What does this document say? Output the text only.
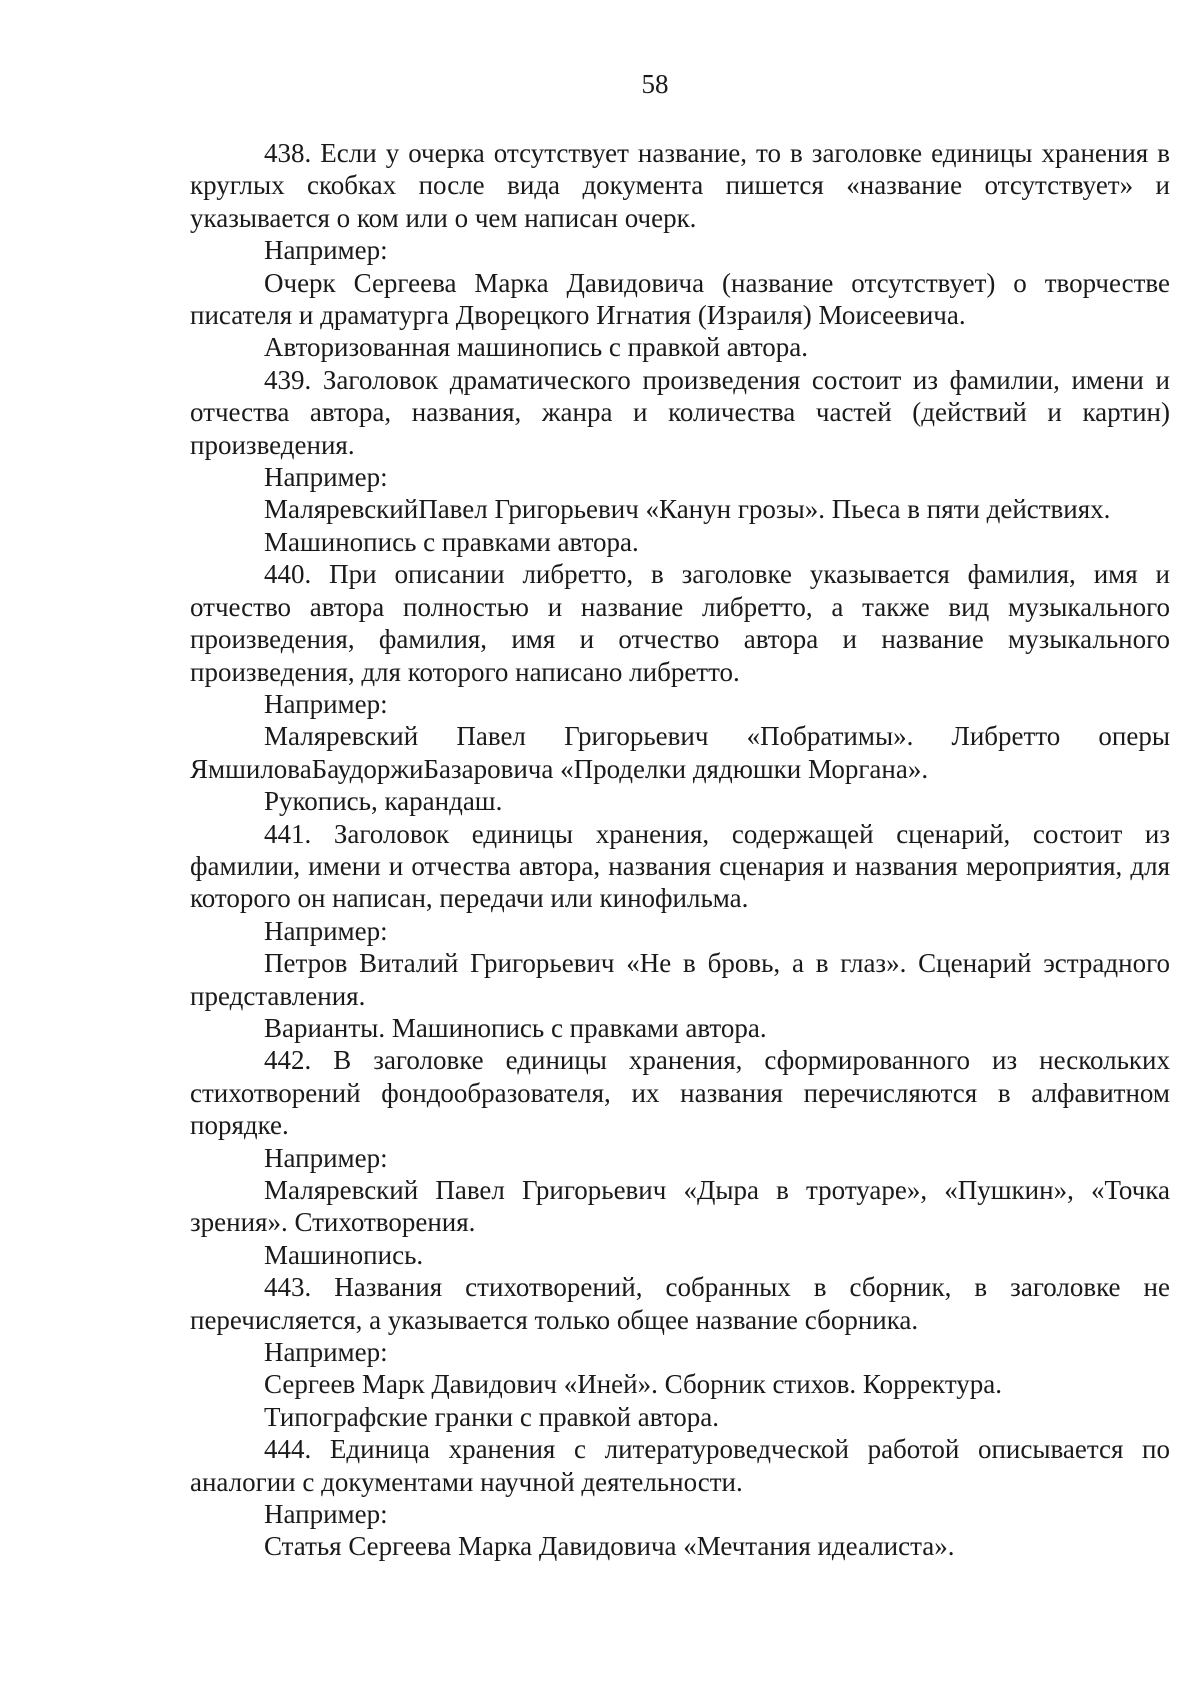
58

438. Если у очерка отсутствует название, то в заголовке единицы хранения в круглых скобках после вида документа пишется «название отсутствует» и указывается о ком или о чем написан очерк.

Например:

Очерк Сергеева Марка Давидовича (название отсутствует) о творчестве писателя и драматурга Дворецкого Игнатия (Израиля) Моисеевича.

Авторизованная машинопись с правкой автора.

439. Заголовок драматического произведения состоит из фамилии, имени и отчества автора, названия, жанра и количества частей (действий и картин) произведения.

Например:

МаляревскийПавел Григорьевич «Канун грозы». Пьеса в пяти действиях.

Машинопись с правками автора.

440. При описании либретто, в заголовке указывается фамилия, имя и отчество автора полностью и название либретто, а также вид музыкального произведения, фамилия, имя и отчество автора и название музыкального произведения, для которого написано либретто.

Например:

Маляревский Павел Григорьевич «Побратимы». Либретто оперы ЯмшиловаБаудоржиБазаровича «Проделки дядюшки Моргана».

Рукопись, карандаш.

441. Заголовок единицы хранения, содержащей сценарий, состоит из фамилии, имени и отчества автора, названия сценария и названия мероприятия, для которого он написан, передачи или кинофильма.

Например:

Петров Виталий Григорьевич «Не в бровь, а в глаз». Сценарий эстрадного представления.

Варианты. Машинопись с правками автора.

442. В заголовке единицы хранения, сформированного из нескольких стихотворений фондообразователя, их названия перечисляются в алфавитном порядке.

Например:

Маляревский Павел Григорьевич «Дыра в тротуаре», «Пушкин», «Точка зрения». Стихотворения.

Машинопись.

443. Названия стихотворений, собранных в сборник, в заголовке не перечисляется, а указывается только общее название сборника.

Например:

Сергеев Марк Давидович «Иней». Сборник стихов. Корректура.

Типографские гранки с правкой автора.

444. Единица хранения с литературоведческой работой описывается по аналогии с документами научной деятельности.

Например:

Статья Сергеева Марка Давидовича «Мечтания идеалиста».
